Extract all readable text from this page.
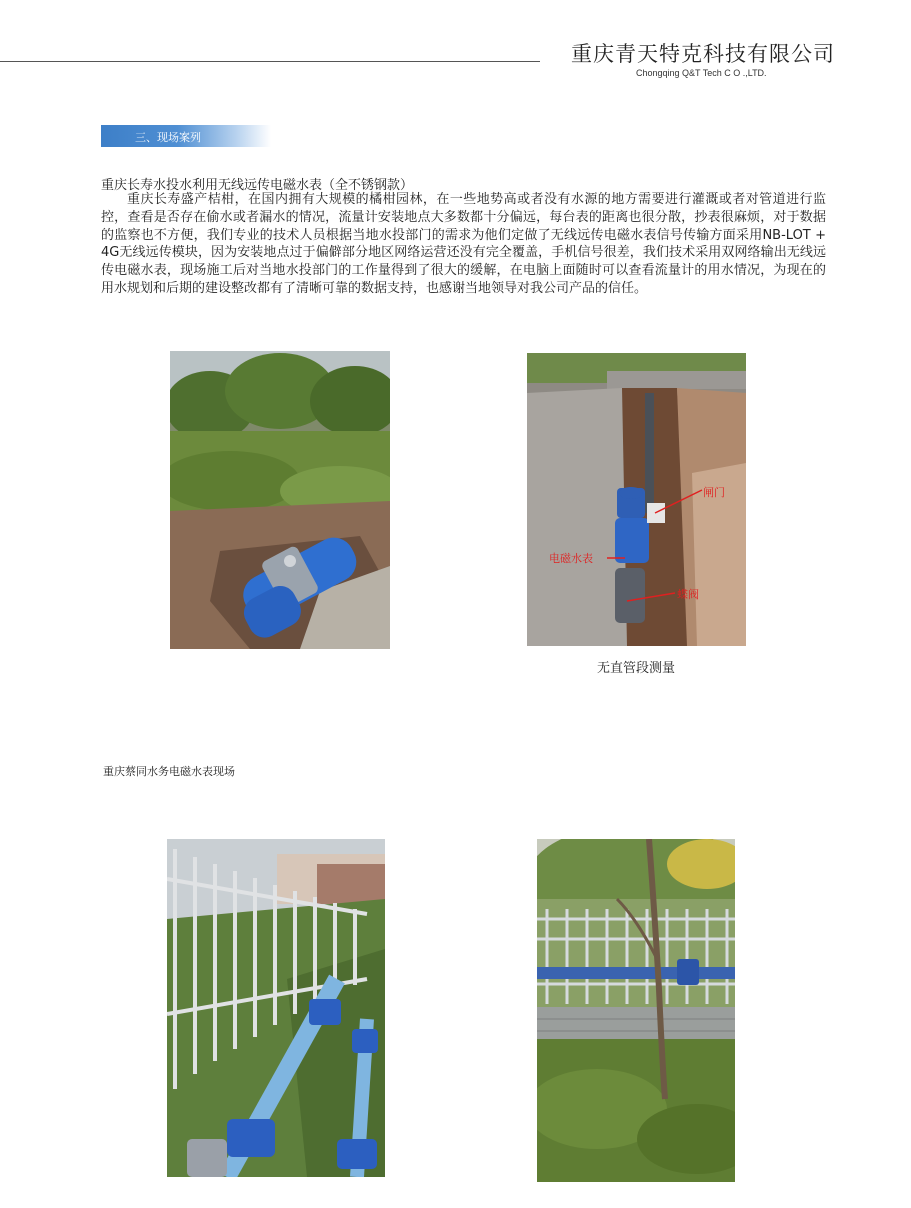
重庆青天特克科技有限公司
Chongqing Q&T Tech C O .,LTD.
三、现场案列
重庆长寿水投水利用无线远传电磁水表（全不锈钢款）

重庆长寿盛产桔柑，在国内拥有大规模的橘柑园林，在一些地势高或者没有水源的地方需要进行灌溉或者对管道进行监控，查看是否存在偷水或者漏水的情况，流量计安装地点大多数都十分偏远，每台表的距离也很分散，抄表很麻烦，对于数据的监察也不方便，我们专业的技术人员根据当地水投部门的需求为他们定做了无线远传电磁水表信号传输方面采用NB-LOT + 4G无线远传模块，因为安装地点过于偏僻部分地区网络运营还没有完全覆盖，手机信号很差，我们技术采用双网络输出无线远传电磁水表，现场施工后对当地水投部门的工作量得到了很大的缓解，在电脑上面随时可以查看流量计的用水情况，为现在的用水规划和后期的建设整改都有了清晰可靠的数据支持，也感谢当地领导对我公司产品的信任。

闸门
电磁水表
蝶阀
无直管段测量
重庆蔡同水务电磁水表现场
